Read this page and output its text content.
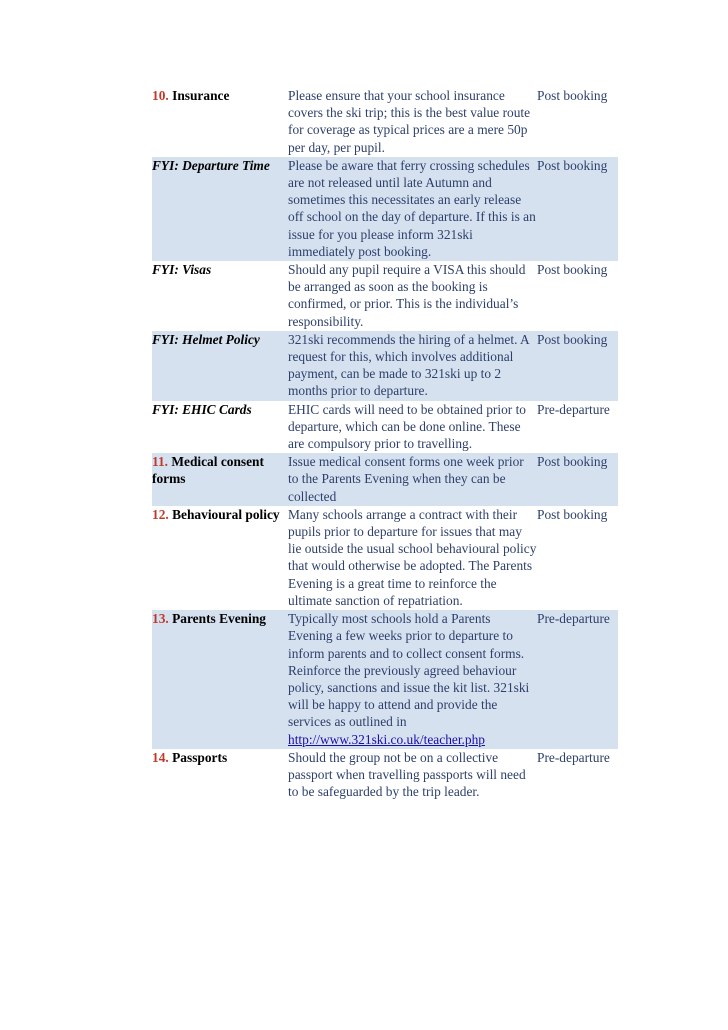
10. Insurance	Please ensure that your school insurance covers the ski trip; this is the best value route for coverage as typical prices are a mere 50p per day, per pupil.	Post booking
FYI: Departure Time	Please be aware that ferry crossing schedules are not released until late Autumn and sometimes this necessitates an early release off school on the day of departure. If this is an issue for you please inform 321ski immediately post booking.	Post booking
FYI: Visas	Should any pupil require a VISA this should be arranged as soon as the booking is confirmed, or prior. This is the individual’s responsibility.	Post booking
FYI: Helmet Policy	321ski recommends the hiring of a helmet. A request for this, which involves additional payment, can be made to 321ski up to 2 months prior to departure.	Post booking
FYI: EHIC Cards	EHIC cards will need to be obtained prior to departure, which can be done online. These are compulsory prior to travelling.	Pre-departure
11. Medical consent forms	Issue medical consent forms one week prior to the Parents Evening when they can be collected	Post booking
12. Behavioural policy	Many schools arrange a contract with their pupils prior to departure for issues that may lie outside the usual school behavioural policy that would otherwise be adopted. The Parents Evening is a great time to reinforce the ultimate sanction of repatriation.	Post booking
13. Parents Evening	Typically most schools hold a Parents Evening a few weeks prior to departure to inform parents and to collect consent forms. Reinforce the previously agreed behaviour policy, sanctions and issue the kit list. 321ski will be happy to attend and provide the services as outlined in http://www.321ski.co.uk/teacher.php	Pre-departure
14. Passports	Should the group not be on a collective passport when travelling passports will need to be safeguarded by the trip leader.	Pre-departure
